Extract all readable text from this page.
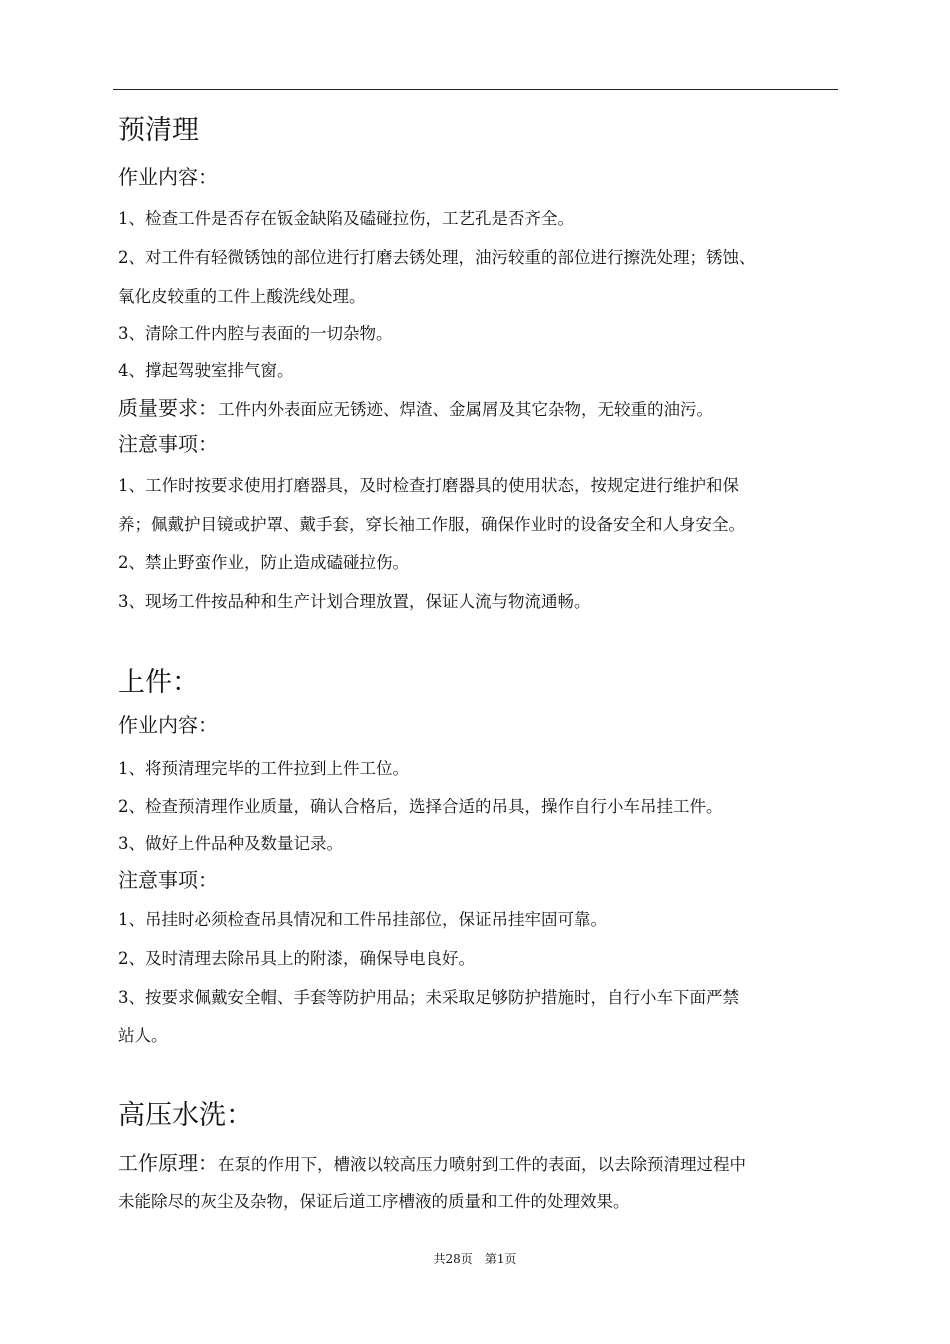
预清理
作业内容：
1、检查工件是否存在钣金缺陷及磕碰拉伤，工艺孔是否齐全。
2、对工件有轻微锈蚀的部位进行打磨去锈处理，油污较重的部位进行擦洗处理；锈蚀、
氧化皮较重的工件上酸洗线处理。
3、清除工件内腔与表面的一切杂物。
4、撑起驾驶室排气窗。
质量要求：工件内外表面应无锈迹、焊渣、金属屑及其它杂物，无较重的油污。
注意事项：
1、工作时按要求使用打磨器具，及时检查打磨器具的使用状态，按规定进行维护和保
养；佩戴护目镜或护罩、戴手套，穿长袖工作服，确保作业时的设备安全和人身安全。
2、禁止野蛮作业，防止造成磕碰拉伤。
3、现场工件按品种和生产计划合理放置，保证人流与物流通畅。
上件：
作业内容：
1、将预清理完毕的工件拉到上件工位。
2、检查预清理作业质量，确认合格后，选择合适的吊具，操作自行小车吊挂工件。
3、做好上件品种及数量记录。
注意事项：
1、吊挂时必须检查吊具情况和工件吊挂部位，保证吊挂牢固可靠。
2、及时清理去除吊具上的附漆，确保导电良好。
3、按要求佩戴安全帽、手套等防护用品；未采取足够防护措施时，自行小车下面严禁
站人。
高压水洗：
工作原理：在泵的作用下，槽液以较高压力喷射到工件的表面，以去除预清理过程中
未能除尽的灰尘及杂物，保证后道工序槽液的质量和工件的处理效果。
共28页 第1页
